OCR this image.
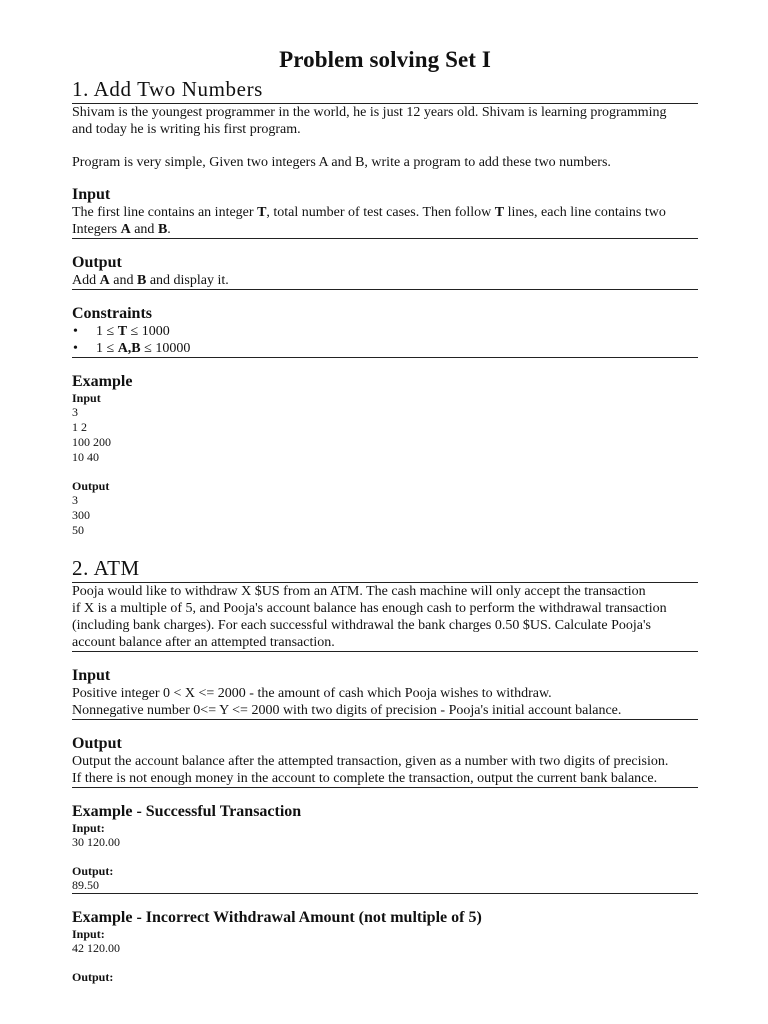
Problem solving Set I
1. Add Two Numbers

Shivam is the youngest programmer in the world, he is just 12 years old. Shivam is learning programming

and today he is writing his first program.

Program is very simple, Given two integers A and B, write a program to add these two numbers.

Input

The first line contains an integer T, total number of test cases. Then follow T lines, each line contains two

Integers A and B.

Output

Add A and B and display it.

Constraints
• 1 ≤ T ≤ 1000
• 1 ≤ A,B ≤ 10000
Example
Input
3
1 2
100 200
10 40
Output
3
300
50
2. ATM

Pooja would like to withdraw X $US from an ATM. The cash machine will only accept the transaction

if X is a multiple of 5, and Pooja's account balance has enough cash to perform the withdrawal transaction

(including bank charges). For each successful withdrawal the bank charges 0.50 $US. Calculate Pooja's

account balance after an attempted transaction.

Input

Positive integer 0 < X <= 2000 - the amount of cash which Pooja wishes to withdraw.

Nonnegative number 0<= Y <= 2000 with two digits of precision - Pooja's initial account balance.

Output

Output the account balance after the attempted transaction, given as a number with two digits of precision.

If there is not enough money in the account to complete the transaction, output the current bank balance.

Example - Successful Transaction
Input:
30 120.00
Output:
89.50
Example - Incorrect Withdrawal Amount (not multiple of 5)
Input:
42 120.00
Output:
